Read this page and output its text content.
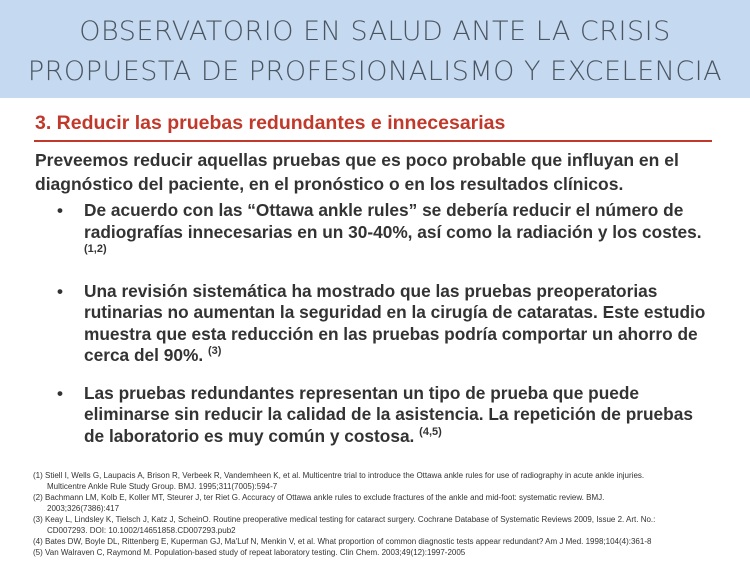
OBSERVATORIO EN SALUD ANTE LA CRISIS
PROPUESTA DE PROFESIONALISMO Y EXCELENCIA
3. Reducir las pruebas redundantes e innecesarias
Preveemos reducir aquellas pruebas que es poco probable que influyan en el diagnóstico del paciente, en el pronóstico o en los resultados clínicos.
• De acuerdo con las “Ottawa ankle rules” se debería reducir el número de radiografías innecesarias en un 30-40%, así como la radiación y los costes. $^{(1,2)}$
• Una revisión sistemática ha mostrado que las pruebas preoperatorias rutinarias no aumentan la seguridad en la cirugía de cataratas. Este estudio muestra que esta reducción en las pruebas podría comportar un ahorro de cerca del 90%. $^{(3)}$
• Las pruebas redundantes representan un tipo de prueba que puede eliminarse sin reducir la calidad de la asistencia. La repetición de pruebas de laboratorio es muy común y costosa. $^{(4,5)}$
(1) Stiell I, Wells G, Laupacis A, Brison R, Verbeek R, Vandemheen K, et al. Multicentre trial to introduce the Ottawa ankle rules for use of radiography in acute ankle injuries.
Multicentre Ankle Rule Study Group. BMJ. 1995;311(7005):594-7
(2) Bachmann LM, Kolb E, Koller MT, Steurer J, ter Riet G. Accuracy of Ottawa ankle rules to exclude fractures of the ankle and mid-foot: systematic review. BMJ.
2003;326(7386):417
(3) Keay L, Lindsley K, Tielsch J, Katz J, ScheinO. Routine preoperative medical testing for cataract surgery. Cochrane Database of Systematic Reviews 2009, Issue 2. Art. No.:
CD007293. DOI: 10.1002/14651858.CD007293.pub2
(4) Bates DW, Boyle DL, Rittenberg E, Kuperman GJ, Ma'Luf N, Menkin V, et al. What proportion of common diagnostic tests appear redundant? Am J Med. 1998;104(4):361-8
(5) Van Walraven C, Raymond M. Population-based study of repeat laboratory testing. Clin Chem. 2003;49(12):1997-2005
